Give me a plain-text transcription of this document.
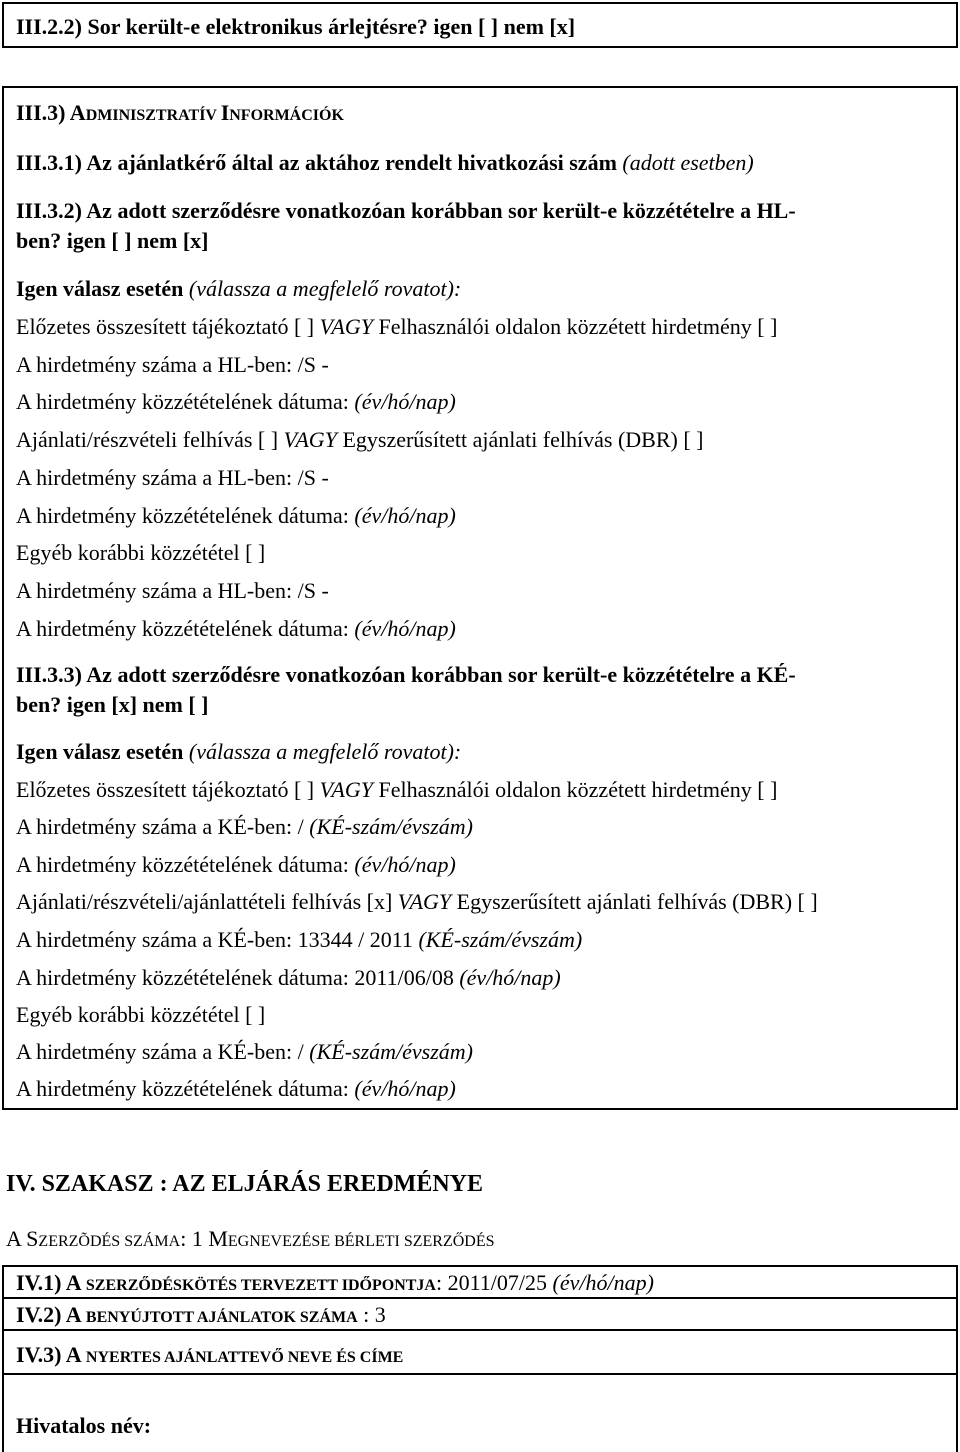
III.2.2) Sor került-e elektronikus árlejtésre? igen [ ] nem [x]
III.3) ADMINISZTRATÍV INFORMÁCIÓK
III.3.1) Az ajánlatkérő által az aktához rendelt hivatkozási szám (adott esetben)
III.3.2) Az adott szerződésre vonatkozóan korábban sor került-e közzétételre a HL-
ben? igen [ ] nem [x]
Igen válasz esetén (válassza a megfelelő rovatot):
Előzetes összesített tájékoztató [ ] VAGY Felhasználói oldalon közzétett hirdetmény [ ]
A hirdetmény száma a HL-ben: /S -
A hirdetmény közzétételének dátuma: (év/hó/nap)
Ajánlati/részvételi felhívás [ ] VAGY Egyszerűsített ajánlati felhívás (DBR) [ ]
A hirdetmény száma a HL-ben: /S -
A hirdetmény közzétételének dátuma: (év/hó/nap)
Egyéb korábbi közzététel [ ]
A hirdetmény száma a HL-ben: /S -
A hirdetmény közzétételének dátuma: (év/hó/nap)
III.3.3) Az adott szerződésre vonatkozóan korábban sor került-e közzétételre a KÉ-
ben? igen [x] nem [ ]
Igen válasz esetén (válassza a megfelelő rovatot):
Előzetes összesített tájékoztató [ ] VAGY Felhasználói oldalon közzétett hirdetmény [ ]
A hirdetmény száma a KÉ-ben: / (KÉ-szám/évszám)
A hirdetmény közzétételének dátuma: (év/hó/nap)
Ajánlati/részvételi/ajánlattételi felhívás [x] VAGY Egyszerűsített ajánlati felhívás (DBR) [ ]
A hirdetmény száma a KÉ-ben: 13344 / 2011 (KÉ-szám/évszám)
A hirdetmény közzétételének dátuma: 2011/06/08 (év/hó/nap)
Egyéb korábbi közzététel [ ]
A hirdetmény száma a KÉ-ben: / (KÉ-szám/évszám)
A hirdetmény közzétételének dátuma: (év/hó/nap)
IV. SZAKASZ : AZ ELJÁRÁS EREDMÉNYE
A SZERZÕDÉS SZÁMA: 1 MEGNEVEZÉSE BÉRLETI SZERZŐDÉS
IV.1) A SZERZŐDÉSKÖTÉS TERVEZETT IDŐPONTJA: 2011/07/25 (év/hó/nap)
IV.2) A BENYÚJTOTT AJÁNLATOK SZÁMA : 3
IV.3) A NYERTES AJÁNLATTEVŐ NEVE ÉS CÍME
Hivatalos név:
